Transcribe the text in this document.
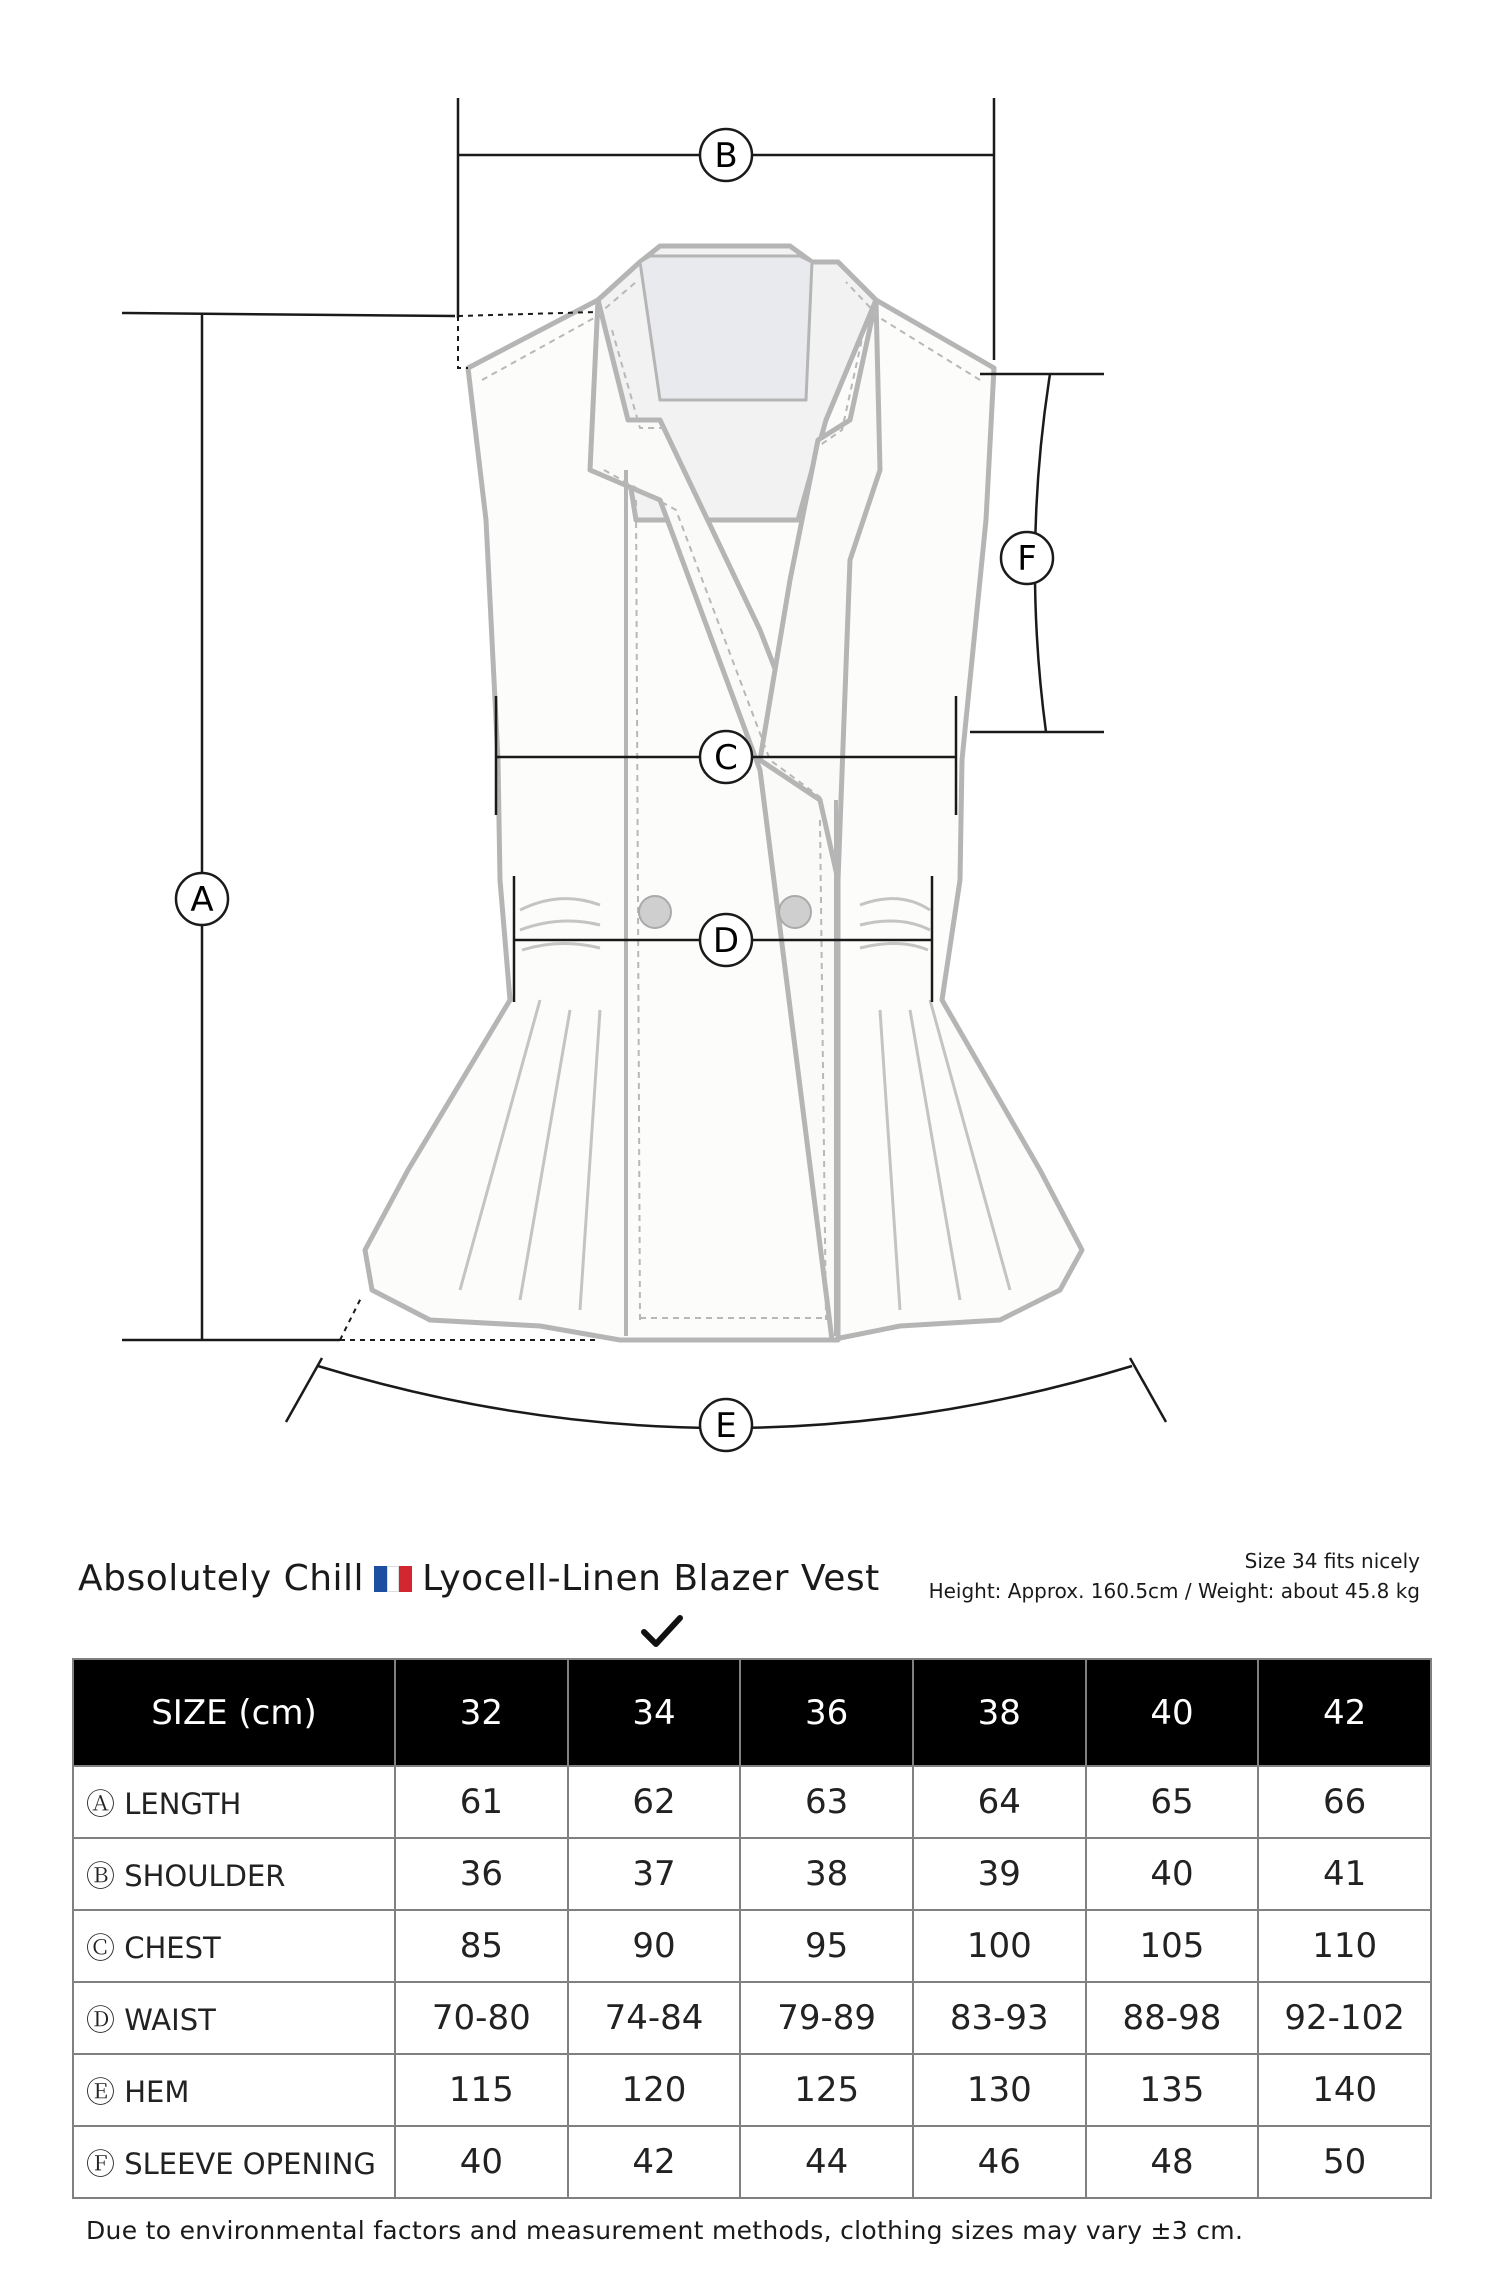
B
A
C
D
F
E
Absolutely Chill Lyocell-Linen Blazer Vest	Size 34 fits nicely
Height: Approx. 160.5cm / Weight: about 45.8 kg
SIZE (cm)	32	34	36	38	40	42
Ⓐ LENGTH	61	62	63	64	65	66
Ⓑ SHOULDER	36	37	38	39	40	41
Ⓒ CHEST	85	90	95	100	105	110
Ⓓ WAIST	70-80	74-84	79-89	83-93	88-98	92-102
Ⓔ HEM	115	120	125	130	135	140
Ⓕ SLEEVE OPENING	40	42	44	46	48	50
Due to environmental factors and measurement methods, clothing sizes may vary ±3 cm.
